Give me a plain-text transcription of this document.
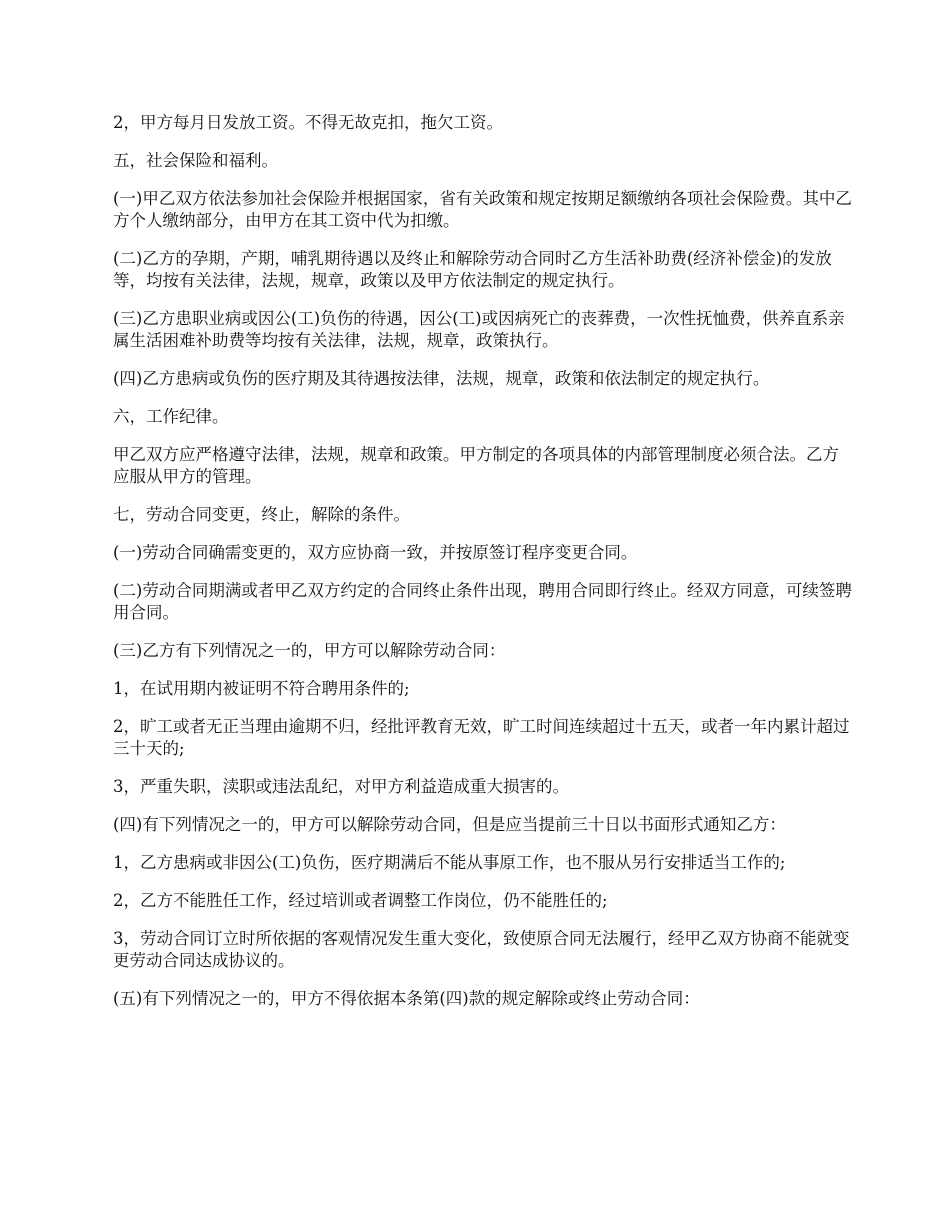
2，甲方每月日发放工资。不得无故克扣，拖欠工资。

五，社会保险和福利。

(一)甲乙双方依法参加社会保险并根据国家，省有关政策和规定按期足额缴纳各项社会保险费。其中乙方个人缴纳部分，由甲方在其工资中代为扣缴。

(二)乙方的孕期，产期，哺乳期待遇以及终止和解除劳动合同时乙方生活补助费(经济补偿金)的发放等，均按有关法律，法规，规章，政策以及甲方依法制定的规定执行。

(三)乙方患职业病或因公(工)负伤的待遇，因公(工)或因病死亡的丧葬费，一次性抚恤费，供养直系亲属生活困难补助费等均按有关法律，法规，规章，政策执行。

(四)乙方患病或负伤的医疗期及其待遇按法律，法规，规章，政策和依法制定的规定执行。

六，工作纪律。

甲乙双方应严格遵守法律，法规，规章和政策。甲方制定的各项具体的内部管理制度必须合法。乙方应服从甲方的管理。

七，劳动合同变更，终止，解除的条件。

(一)劳动合同确需变更的，双方应协商一致，并按原签订程序变更合同。

(二)劳动合同期满或者甲乙双方约定的合同终止条件出现，聘用合同即行终止。经双方同意，可续签聘用合同。

(三)乙方有下列情况之一的，甲方可以解除劳动合同：

1，在试用期内被证明不符合聘用条件的;

2，旷工或者无正当理由逾期不归，经批评教育无效，旷工时间连续超过十五天，或者一年内累计超过三十天的;

3，严重失职，渎职或违法乱纪，对甲方利益造成重大损害的。

(四)有下列情况之一的，甲方可以解除劳动合同，但是应当提前三十日以书面形式通知乙方：

1，乙方患病或非因公(工)负伤，医疗期满后不能从事原工作，也不服从另行安排适当工作的;

2，乙方不能胜任工作，经过培训或者调整工作岗位，仍不能胜任的;

3，劳动合同订立时所依据的客观情况发生重大变化，致使原合同无法履行，经甲乙双方协商不能就变更劳动合同达成协议的。

(五)有下列情况之一的，甲方不得依据本条第(四)款的规定解除或终止劳动合同：
